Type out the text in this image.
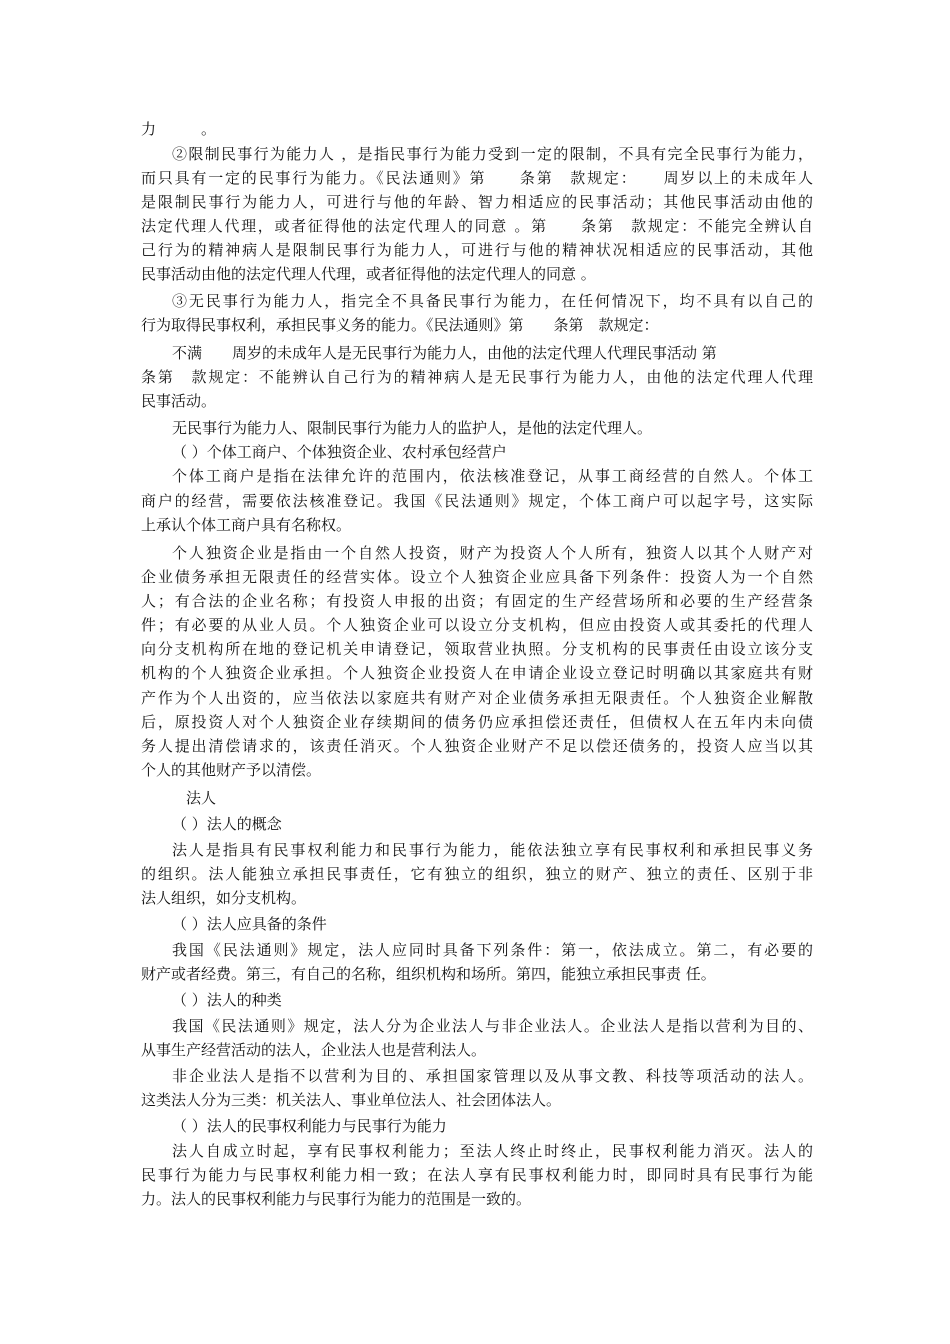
力　　　。
②限制民事行为能力人 ，是指民事行为能力受到一定的限制，不具有完全民事行为能力，
而只具有一定的民事行为能力。《民法通则》第　　条第　款规定：　　周岁以上的未成年人
是限制民事行为能力人，可进行与他的年龄、智力相适应的民事活动；其他民事活动由他的
法定代理人代理，或者征得他的法定代理人的同意 。第　　条第　款规定：不能完全辨认自
己行为的精神病人是限制民事行为能力人，可进行与他的精神状况相适应的民事活动，其他
民事活动由他的法定代理人代理，或者征得他的法定代理人的同意 。
③无民事行为能力人，指完全不具备民事行为能力，在任何情况下，均不具有以自己的
行为取得民事权利，承担民事义务的能力。《民法通则》第　　条第　款规定：
不满　　周岁的未成年人是无民事行为能力人，由他的法定代理人代理民事活动 第
条第　款规定：不能辨认自己行为的精神病人是无民事行为能力人，由他的法定代理人代理
民事活动。
无民事行为能力人、限制民事行为能力人的监护人，是他的法定代理人。
（ ）个体工商户、个体独资企业、农村承包经营户
个体工商户是指在法律允许的范围内，依法核准登记，从事工商经营的自然人。个体工
商户的经营，需要依法核准登记。我国《民法通则》规定，个体工商户可以起字号，这实际
上承认个体工商户具有名称权。
个人独资企业是指由一个自然人投资，财产为投资人个人所有，独资人以其个人财产对
企业债务承担无限责任的经营实体。设立个人独资企业应具备下列条件：投资人为一个自然
人；有合法的企业名称；有投资人申报的出资；有固定的生产经营场所和必要的生产经营条
件；有必要的从业人员。个人独资企业可以设立分支机构，但应由投资人或其委托的代理人
向分支机构所在地的登记机关申请登记，领取营业执照。分支机构的民事责任由设立该分支
机构的个人独资企业承担。个人独资企业投资人在申请企业设立登记时明确以其家庭共有财
产作为个人出资的，应当依法以家庭共有财产对企业债务承担无限责任。个人独资企业解散
后，原投资人对个人独资企业存续期间的债务仍应承担偿还责任，但债权人在五年内未向债
务人提出清偿请求的，该责任消灭。个人独资企业财产不足以偿还债务的，投资人应当以其
个人的其他财产予以清偿。
法人
（ ）法人的概念
法人是指具有民事权利能力和民事行为能力，能依法独立享有民事权利和承担民事义务
的组织。法人能独立承担民事责任，它有独立的组织，独立的财产、独立的责任、区别于非
法人组织，如分支机构。
（ ）法人应具备的条件
我国《民法通则》规定，法人应同时具备下列条件：第一，依法成立。第二，有必要的
财产或者经费。第三，有自己的名称，组织机构和场所。第四，能独立承担民事责 任。
（ ）法人的种类
我国《民法通则》规定，法人分为企业法人与非企业法人。企业法人是指以营利为目的、
从事生产经营活动的法人，企业法人也是营利法人。
非企业法人是指不以营利为目的、承担国家管理以及从事文教、科技等项活动的法人。
这类法人分为三类：机关法人、事业单位法人、社会团体法人。
（ ）法人的民事权利能力与民事行为能力
法人自成立时起，享有民事权利能力；至法人终止时终止，民事权利能力消灭。法人的
民事行为能力与民事权利能力相一致；在法人享有民事权利能力时，即同时具有民事行为能
力。法人的民事权利能力与民事行为能力的范围是一致的。
